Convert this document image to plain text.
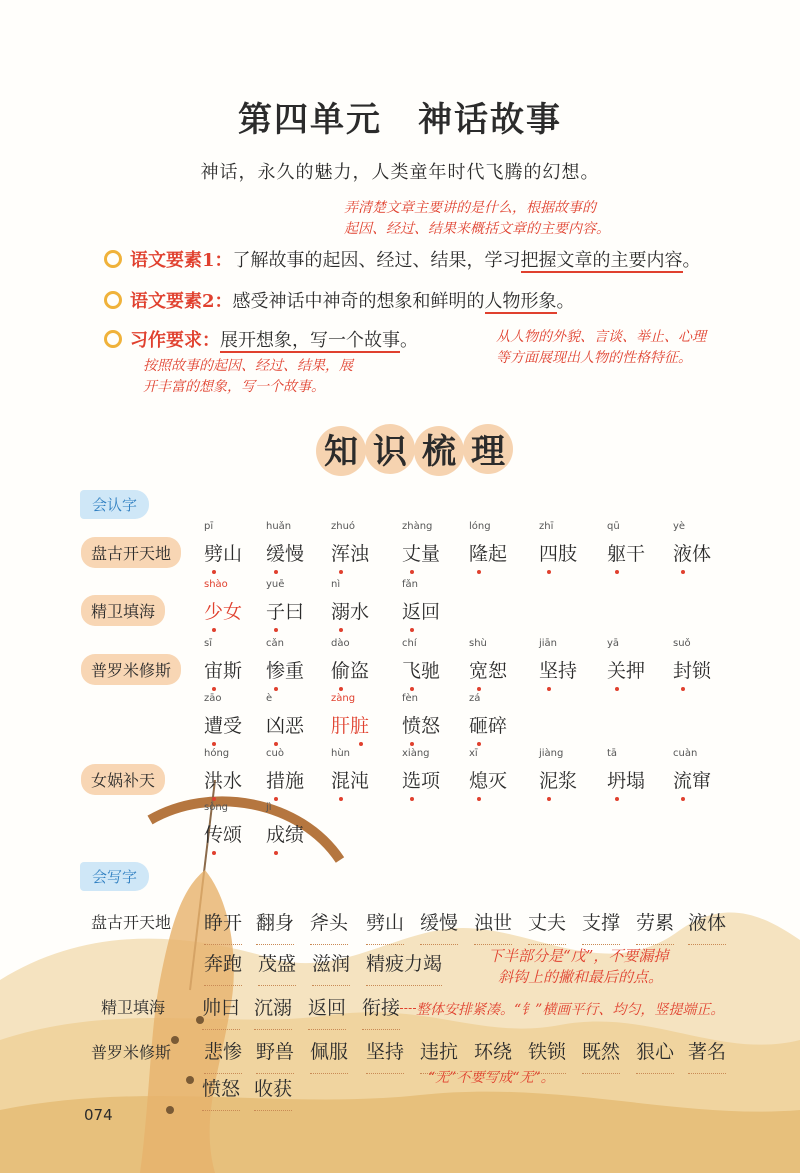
第四单元 神话故事
神话，永久的魅力，人类童年时代飞腾的幻想。
弄清楚文章主要讲的是什么，根据故事的
起因、经过、结果来概括文章的主要内容。
语文要素1：了解故事的起因、经过、结果，学习把握文章的主要内容。
语文要素2：感受神话中神奇的想象和鲜明的人物形象。
习作要求：展开想象，写一个故事。
按照故事的起因、经过、结果，展
开丰富的想象，写一个故事。
从人物的外貌、言谈、举止、心理
等方面展现出人物的性格特征。
知 识 梳 理
会认字
盘古开天地
精卫填海
普罗米修斯
女娲补天
pī
劈山
huǎn
缓慢
zhuó
浑浊
zhàng
丈量
lóng
隆起
zhī
四肢
qū
躯干
yè
液体
shào
少女
yuē
子曰
nì
溺水
fǎn
返回
sī
宙斯
cǎn
惨重
dào
偷盗
chí
飞驰
shù
宽恕
jiān
坚持
yā
关押
suǒ
封锁
zāo
遭受
è
凶恶
zàng
肝脏
fèn
愤怒
zá
砸碎
hóng
洪水
cuò
措施
hùn
混沌
xiàng
选项
xī
熄灭
jiàng
泥浆
tā
坍塌
cuàn
流窜
sòng
传颂
jì
成绩
会写字
盘古开天地
精卫填海
普罗米修斯
睁开 翻身 斧头 劈山 缓慢 浊世 丈夫 支撑 劳累 液体
奔跑 茂盛 滋润 精疲力竭
帅曰 沉溺 返回 衔接
悲惨 野兽 佩服 坚持 违抗 环绕 铁锁 既然 狠心 著名
愤怒 收获
下半部分是“戊”，不要漏掉
斜钩上的撇和最后的点。
整体安排紧凑。“钅”横画平行、均匀，竖提端正。
“无”不要写成“无”。
074
